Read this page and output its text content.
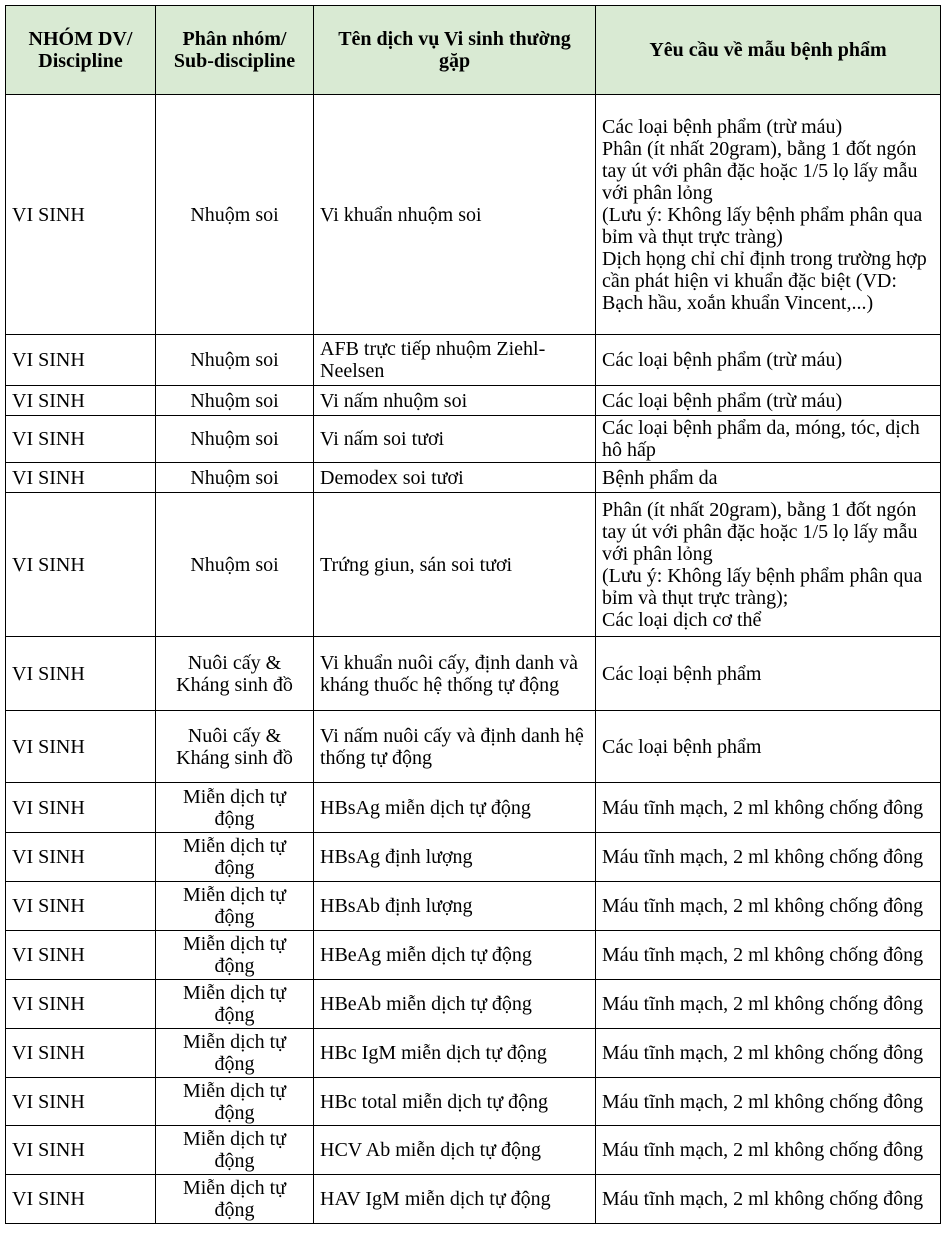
NHÓM DV/ Discipline	Phân nhóm/ Sub-discipline	Tên dịch vụ Vi sinh thường gặp	Yêu cầu về mẫu bệnh phẩm
VI SINH	Nhuộm soi	Vi khuẩn nhuộm soi	Các loại bệnh phẩm (trừ máu)
Phân (ít nhất 20gram), bằng 1 đốt ngón tay út với phân đặc hoặc 1/5 lọ lấy mẫu với phân lỏng
(Lưu ý: Không lấy bệnh phẩm phân qua bỉm và thụt trực tràng)
Dịch họng chỉ chỉ định trong trường hợp cần phát hiện vi khuẩn đặc biệt (VD: Bạch hầu, xoắn khuẩn Vincent,...)
VI SINH	Nhuộm soi	AFB trực tiếp nhuộm Ziehl-Neelsen	Các loại bệnh phẩm (trừ máu)
VI SINH	Nhuộm soi	Vi nấm nhuộm soi	Các loại bệnh phẩm (trừ máu)
VI SINH	Nhuộm soi	Vi nấm soi tươi	Các loại bệnh phẩm da, móng, tóc, dịch hô hấp
VI SINH	Nhuộm soi	Demodex soi tươi	Bệnh phẩm da
VI SINH	Nhuộm soi	Trứng giun, sán soi tươi	Phân (ít nhất 20gram), bằng 1 đốt ngón tay út với phân đặc hoặc 1/5 lọ lấy mẫu với phân lỏng
(Lưu ý: Không lấy bệnh phẩm phân qua bỉm và thụt trực tràng);
Các loại dịch cơ thể
VI SINH	Nuôi cấy & Kháng sinh đồ	Vi khuẩn nuôi cấy, định danh và kháng thuốc hệ thống tự động	Các loại bệnh phẩm
VI SINH	Nuôi cấy & Kháng sinh đồ	Vi nấm nuôi cấy và định danh hệ thống tự động	Các loại bệnh phẩm
VI SINH	Miễn dịch tự động	HBsAg miễn dịch tự động	Máu tĩnh mạch, 2 ml không chống đông
VI SINH	Miễn dịch tự động	HBsAg định lượng	Máu tĩnh mạch, 2 ml không chống đông
VI SINH	Miễn dịch tự động	HBsAb định lượng	Máu tĩnh mạch, 2 ml không chống đông
VI SINH	Miễn dịch tự động	HBeAg miễn dịch tự động	Máu tĩnh mạch, 2 ml không chống đông
VI SINH	Miễn dịch tự động	HBeAb miễn dịch tự động	Máu tĩnh mạch, 2 ml không chống đông
VI SINH	Miễn dịch tự động	HBc IgM miễn dịch tự động	Máu tĩnh mạch, 2 ml không chống đông
VI SINH	Miễn dịch tự động	HBc total miễn dịch tự động	Máu tĩnh mạch, 2 ml không chống đông
VI SINH	Miễn dịch tự động	HCV Ab miễn dịch tự động	Máu tĩnh mạch, 2 ml không chống đông
VI SINH	Miễn dịch tự động	HAV IgM miễn dịch tự động	Máu tĩnh mạch, 2 ml không chống đông
